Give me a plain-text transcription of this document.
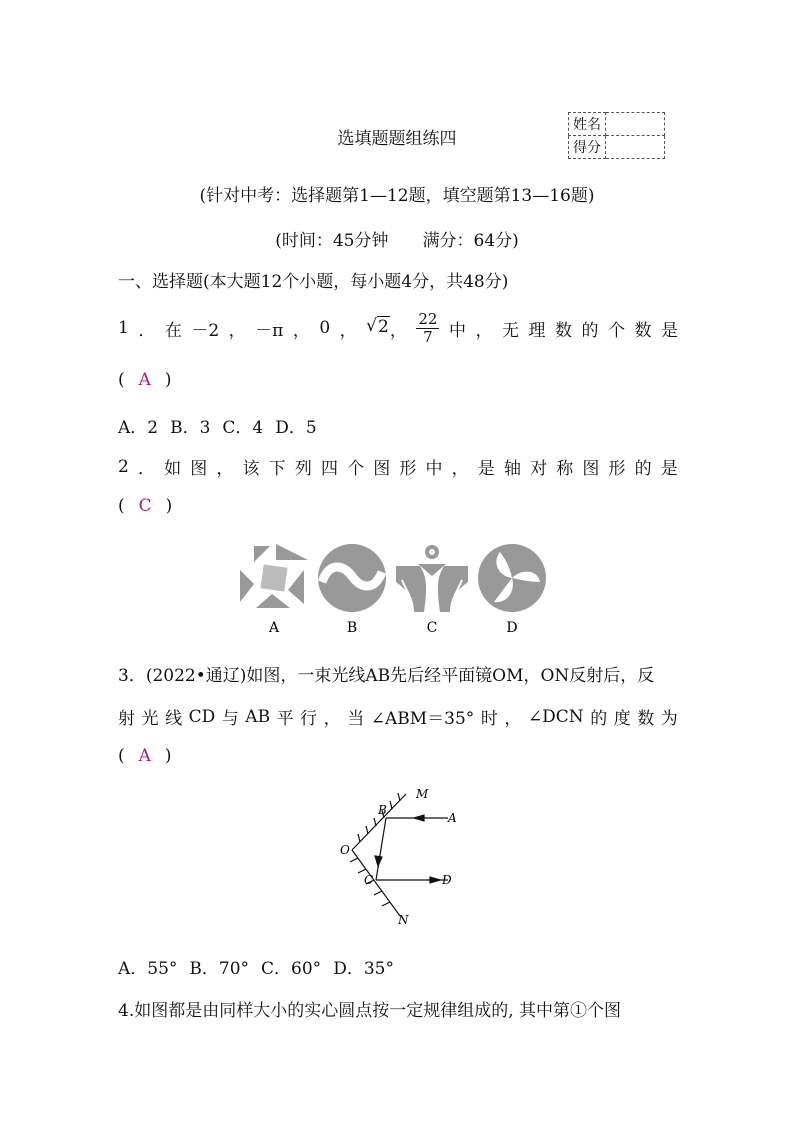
选填题题组练四
姓名	
得分	
(针对中考：选择题第1—12题，填空题第13—16题)
(时间：45分钟　　满分：64分)
一、选择题(本大题12个小题，每小题4分，共48分)
1 ． 在 －2 ， －π ， 0 ， √ 2 ， $\frac{22}{7}$ 中 ， 无 理 数 的 个 数 是
( A )
A．2 B．3 C．4 D．5
2 ． 如 图 ， 该 下 列 四 个 图 形 中 ， 是 轴 对 称 图 形 的 是
( C )
A	B	C	D
3．(2022•通辽)如图，一束光线AB先后经平面镜OM，ON反射后，反
射 光 线 CD 与 AB 平 行 ， 当 ∠ABM＝35° 时 ， ∠DCN 的 度 数 为
( A )
M
B
A
O
C	D
N
A．55° B．70° C．60° D．35°
4.如图都是由同样大小的实心圆点按一定规律组成的, 其中第①个图
